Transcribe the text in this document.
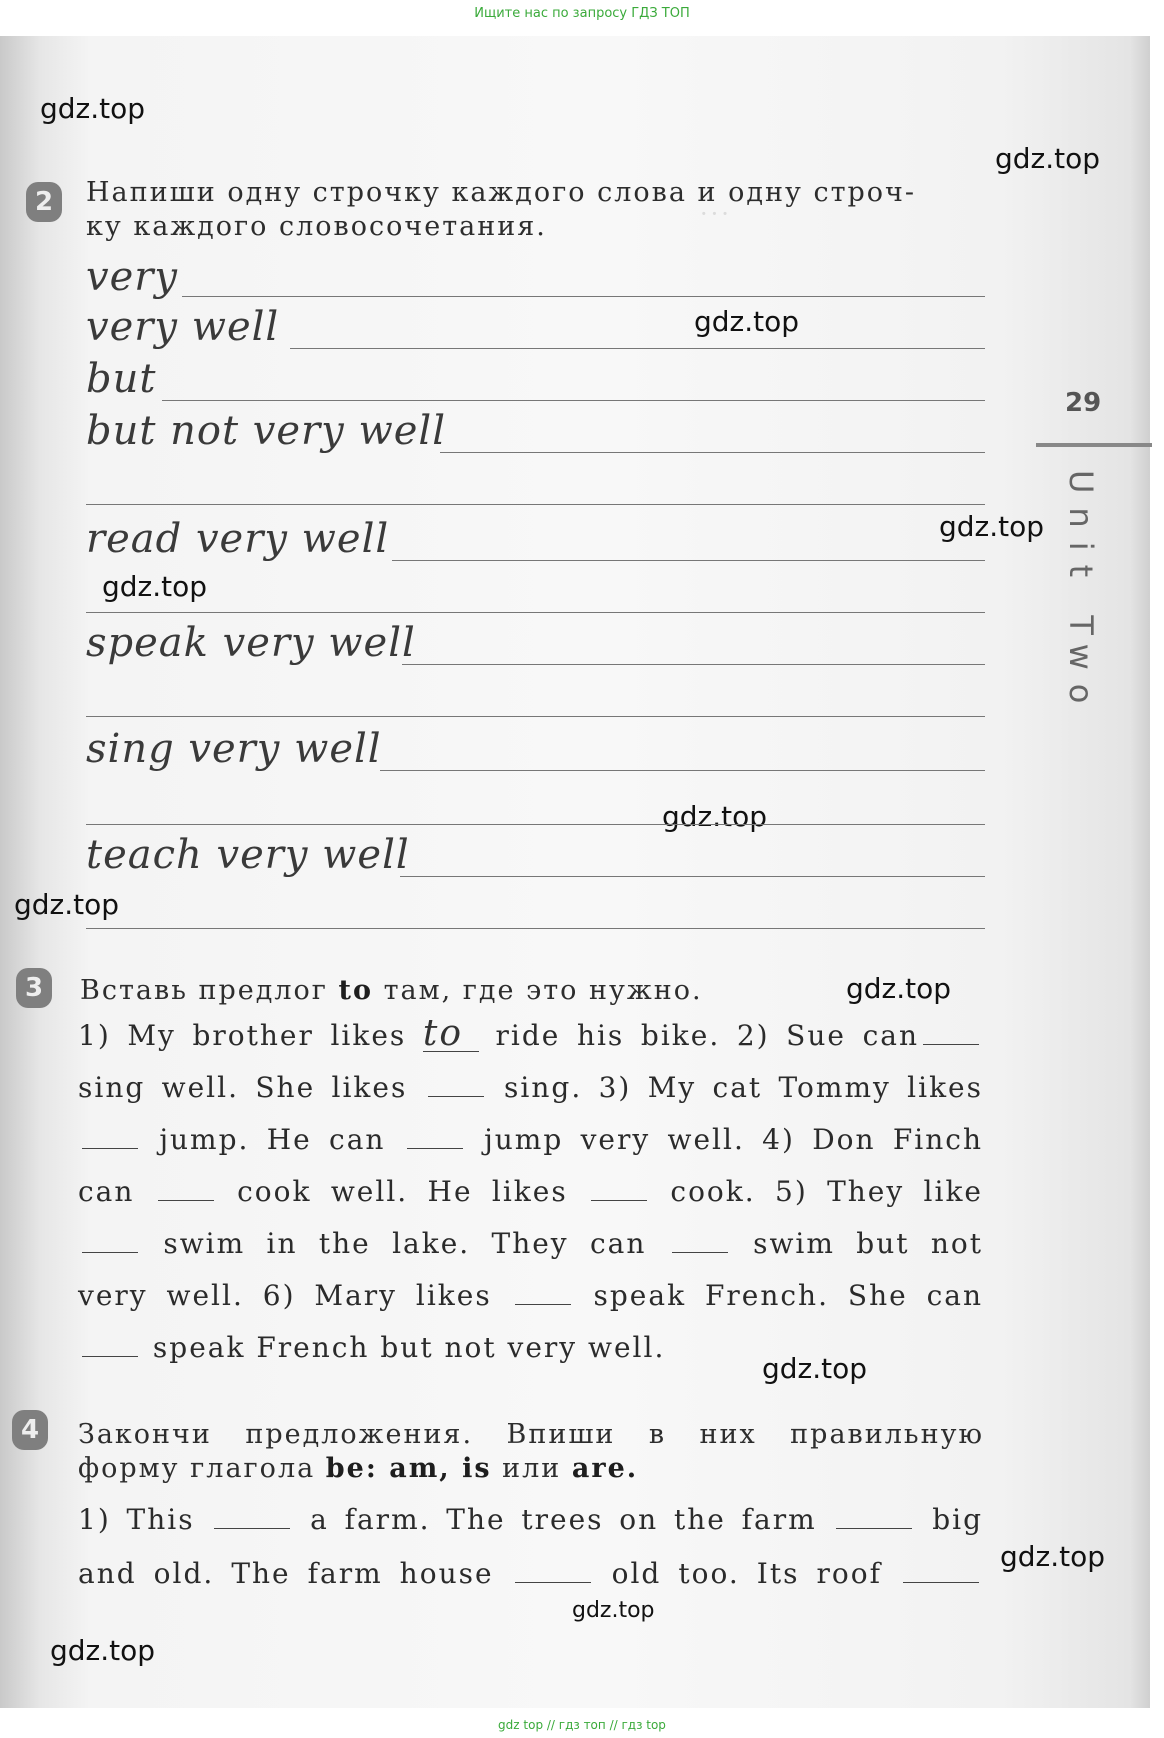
Ищите нас по запросу ГДЗ ТОП
···
gdz.top
gdz.top
gdz.top
gdz.top
gdz.top
gdz.top
gdz.top
gdz.top
gdz.top
gdz.top
gdz.top
gdz.top
29
Unit Two
2	Напиши одну строчку каждого слова и одну строч-
ку каждого словосочетания.
very
very well
but
but not very well
read very well
speak very well
sing very well
teach very well
3	Вставь предлог to там, где это нужно.
1) My brother likes to ride his bike. 2) Sue can
sing well. She likes  sing. 3) My cat Tommy likes
jump. He can  jump very well. 4) Don Finch
can  cook well. He likes  cook. 5) They like
swim in the lake. They can  swim but not
very well. 6) Mary likes  speak French. She can
speak French but not very well.
4	Закончи предложения. Впиши в них правильную
форму глагола be: am, is или are.
1) This	a farm. The trees on the farm	big
and old. The farm house	old too. Its roof
gdz top // гдз топ // гдз top
